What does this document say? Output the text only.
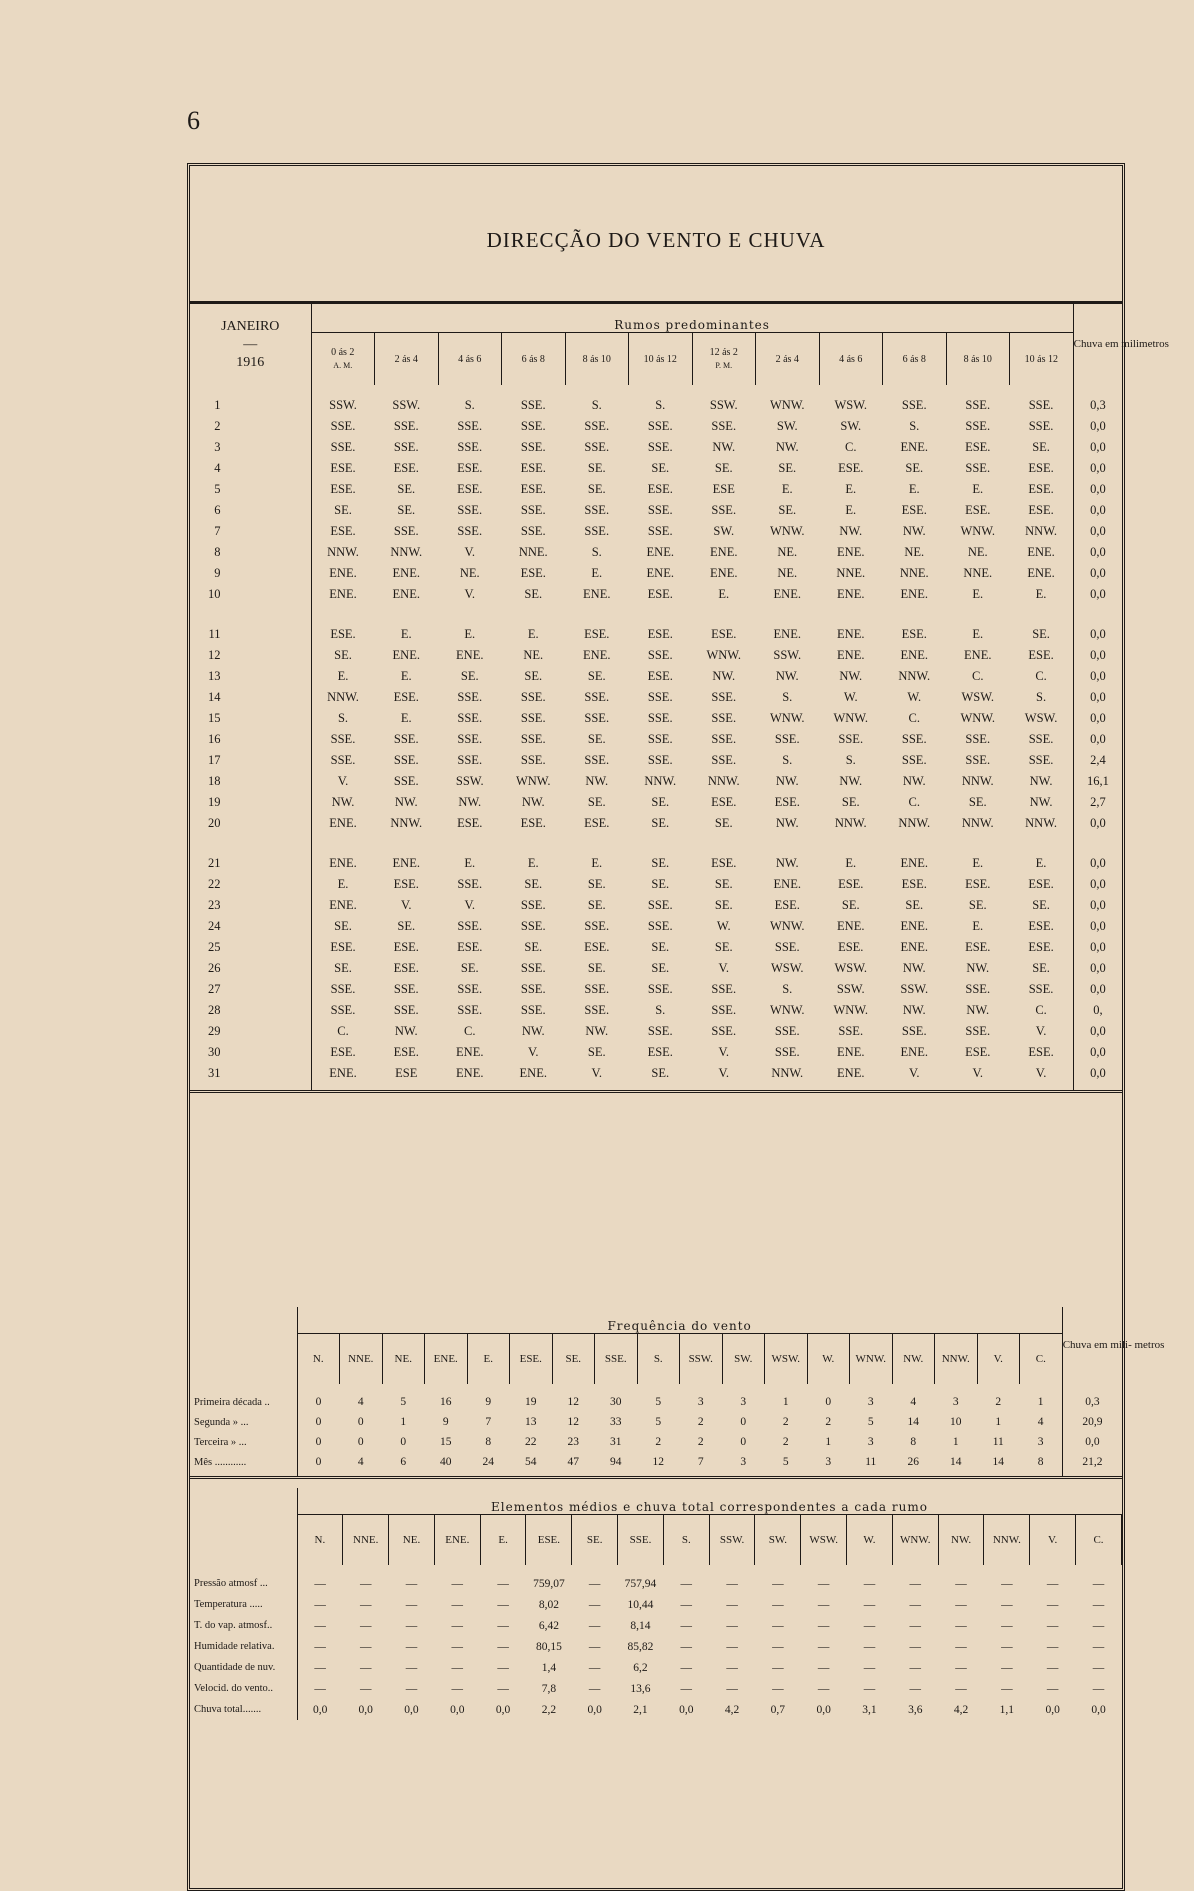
6
DIRECÇÃO DO VENTO E CHUVA
JANEIRO
—
1916	Rumos predominantes												Chuva em milimetros
	0 ás 2
A. M.	2 ás 4	4 ás 6	6 ás 8	8 ás 10	10 ás 12	12 ás 2
P. M.	2 ás 4	4 ás 6	6 ás 8	8 ás 10	10 ás 12	
1	SSW.	SSW.	S.	SSE.	S.	S.	SSW.	WNW.	WSW.	SSE.	SSE.	SSE.	0,3
2	SSE.	SSE.	SSE.	SSE.	SSE.	SSE.	SSE.	SW.	SW.	S.	SSE.	SSE.	0,0
3	SSE.	SSE.	SSE.	SSE.	SSE.	SSE.	NW.	NW.	C.	ENE.	ESE.	SE.	0,0
4	ESE.	ESE.	ESE.	ESE.	SE.	SE.	SE.	SE.	ESE.	SE.	SSE.	ESE.	0,0
5	ESE.	SE.	ESE.	ESE.	SE.	ESE.	ESE	E.	E.	E.	E.	ESE.	0,0
6	SE.	SE.	SSE.	SSE.	SSE.	SSE.	SSE.	SE.	E.	ESE.	ESE.	ESE.	0,0
7	ESE.	SSE.	SSE.	SSE.	SSE.	SSE.	SW.	WNW.	NW.	NW.	WNW.	NNW.	0,0
8	NNW.	NNW.	V.	NNE.	S.	ENE.	ENE.	NE.	ENE.	NE.	NE.	ENE.	0,0
9	ENE.	ENE.	NE.	ESE.	E.	ENE.	ENE.	NE.	NNE.	NNE.	NNE.	ENE.	0,0
10	ENE.	ENE.	V.	SE.	ENE.	ESE.	E.	ENE.	ENE.	ENE.	E.	E.	0,0
11	ESE.	E.	E.	E.	ESE.	ESE.	ESE.	ENE.	ENE.	ESE.	E.	SE.	0,0
12	SE.	ENE.	ENE.	NE.	ENE.	SSE.	WNW.	SSW.	ENE.	ENE.	ENE.	ESE.	0,0
13	E.	E.	SE.	SE.	SE.	ESE.	NW.	NW.	NW.	NNW.	C.	C.	0,0
14	NNW.	ESE.	SSE.	SSE.	SSE.	SSE.	SSE.	S.	W.	W.	WSW.	S.	0,0
15	S.	E.	SSE.	SSE.	SSE.	SSE.	SSE.	WNW.	WNW.	C.	WNW.	WSW.	0,0
16	SSE.	SSE.	SSE.	SSE.	SE.	SSE.	SSE.	SSE.	SSE.	SSE.	SSE.	SSE.	0,0
17	SSE.	SSE.	SSE.	SSE.	SSE.	SSE.	SSE.	S.	S.	SSE.	SSE.	SSE.	2,4
18	V.	SSE.	SSW.	WNW.	NW.	NNW.	NNW.	NW.	NW.	NW.	NNW.	NW.	16,1
19	NW.	NW.	NW.	NW.	SE.	SE.	ESE.	ESE.	SE.	C.	SE.	NW.	2,7
20	ENE.	NNW.	ESE.	ESE.	ESE.	SE.	SE.	NW.	NNW.	NNW.	NNW.	NNW.	0,0
21	ENE.	ENE.	E.	E.	E.	SE.	ESE.	NW.	E.	ENE.	E.	E.	0,0
22	E.	ESE.	SSE.	SE.	SE.	SE.	SE.	ENE.	ESE.	ESE.	ESE.	ESE.	0,0
23	ENE.	V.	V.	SSE.	SE.	SSE.	SE.	ESE.	SE.	SE.	SE.	SE.	0,0
24	SE.	SE.	SSE.	SSE.	SSE.	SSE.	W.	WNW.	ENE.	ENE.	E.	ESE.	0,0
25	ESE.	ESE.	ESE.	SE.	ESE.	SE.	SE.	SSE.	ESE.	ENE.	ESE.	ESE.	0,0
26	SE.	ESE.	SE.	SSE.	SE.	SE.	V.	WSW.	WSW.	NW.	NW.	SE.	0,0
27	SSE.	SSE.	SSE.	SSE.	SSE.	SSE.	SSE.	S.	SSW.	SSW.	SSE.	SSE.	0,0
28	SSE.	SSE.	SSE.	SSE.	SSE.	S.	SSE.	WNW.	WNW.	NW.	NW.	C.	0,
29	C.	NW.	C.	NW.	NW.	SSE.	SSE.	SSE.	SSE.	SSE.	SSE.	V.	0,0
30	ESE.	ESE.	ENE.	V.	SE.	ESE.	V.	SSE.	ENE.	ENE.	ESE.	ESE.	0,0
31	ENE.	ESE	ENE.	ENE.	V.	SE.	V.	NNW.	ENE.	V.	V.	V.	0,0
	Frequência do vento																		Chuva em mili- metros
	N.	NNE.	NE.	ENE.	E.	ESE.	SE.	SSE.	S.	SSW.	SW.	WSW.	W.	WNW.	NW.	NNW.	V.	C.	
Primeira década ..	0	4	5	16	9	19	12	30	5	3	3	1	0	3	4	3	2	1	0,3
Segunda » ...	0	0	1	9	7	13	12	33	5	2	0	2	2	5	14	10	1	4	20,9
Terceira » ...	0	0	0	15	8	22	23	31	2	2	0	2	1	3	8	1	11	3	0,0
Mês ............	0	4	6	40	24	54	47	94	12	7	3	5	3	11	26	14	14	8	21,2
	Elementos médios e chuva total correspondentes a cada rumo																	
	N.	NNE.	NE.	ENE.	E.	ESE.	SE.	SSE.	S.	SSW.	SW.	WSW.	W.	WNW.	NW.	NNW.	V.	C.
Pressão atmosf ...	—	—	—	—	—	759,07	—	757,94	—	—	—	—	—	—	—	—	—	—
Temperatura .....	—	—	—	—	—	8,02	—	10,44	—	—	—	—	—	—	—	—	—	—
T. do vap. atmosf..	—	—	—	—	—	6,42	—	8,14	—	—	—	—	—	—	—	—	—	—
Humidade relativa.	—	—	—	—	—	80,15	—	85,82	—	—	—	—	—	—	—	—	—	—
Quantidade de nuv.	—	—	—	—	—	1,4	—	6,2	—	—	—	—	—	—	—	—	—	—
Velocid. do vento..	—	—	—	—	—	7,8	—	13,6	—	—	—	—	—	—	—	—	—	—
Chuva total.......	0,0	0,0	0,0	0,0	0,0	2,2	0,0	2,1	0,0	4,2	0,7	0,0	3,1	3,6	4,2	1,1	0,0	0,0
